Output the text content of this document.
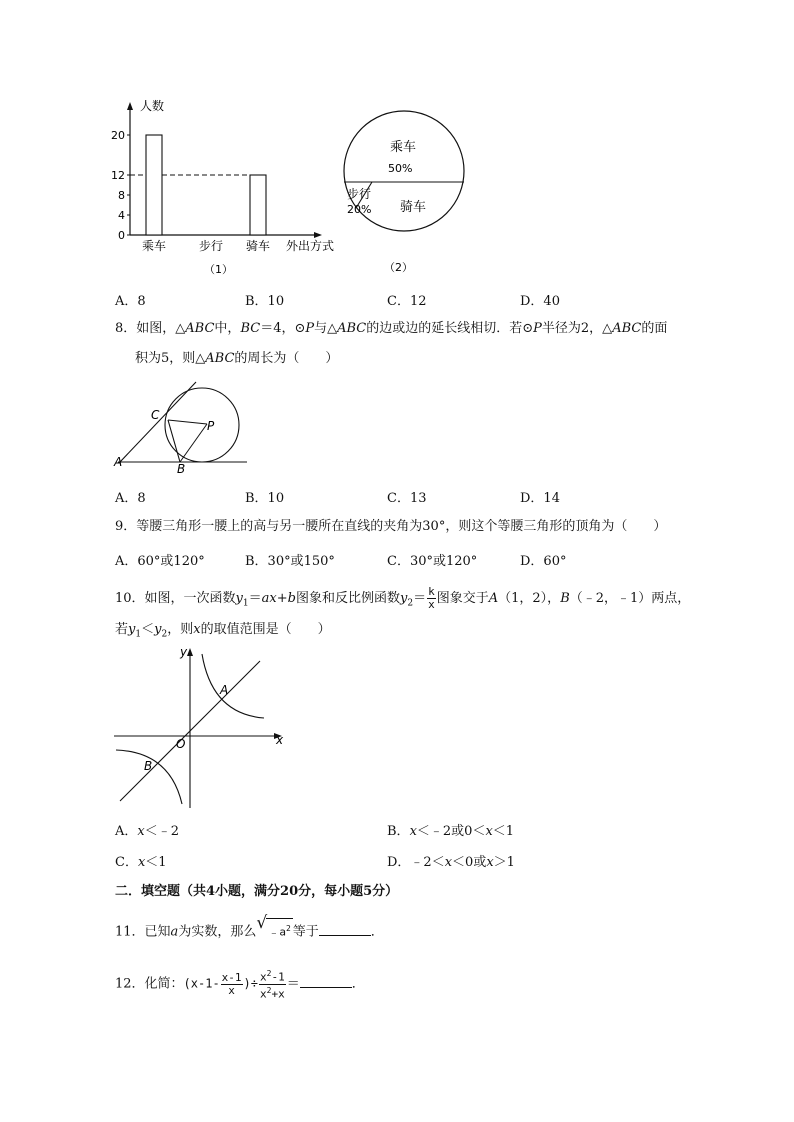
人数
20
12
8
4
0
乘车	步行 骑车 外出方式
（1）
乘车
50%
步行
20% 骑车
（2）
A．8	B．10	C．12	D．40
8．如图，△ABC中，BC＝4，⊙P与△ABC的边或边的延长线相切．若⊙P半径为2，△ABC的面
积为5，则△ABC的周长为（　　）
A	B
C
P
A．8	B．10	C．13	D．14
9．等腰三角形一腰上的高与另一腰所在直线的夹角为30°，则这个等腰三角形的顶角为（　　）
A．60°或120°	B．30°或150°	C．30°或120°	D．60°
10．如图，一次函数$y_1=ax+b$图象和反比例函数$y_2= \frac{k}{x}$ 图象交于A（1，2），B（﹣2，﹣1）两点，
若$y_1<y_2$，则x的取值范围是（　　）
y
x
O
A
B
A．x＜﹣2	B．x＜﹣2或0＜x＜1
C．x＜1	D．﹣2＜x＜0或x＞1
二．填空题（共4小题，满分20分，每小题5分）
11．已知a为实数，那么 √ $﹣a^2$ 等于	．
12．化简：($x-1- \frac{x-1}{x}$ )÷ $\frac{x^2-1}{x^2+x}$ ＝	．
